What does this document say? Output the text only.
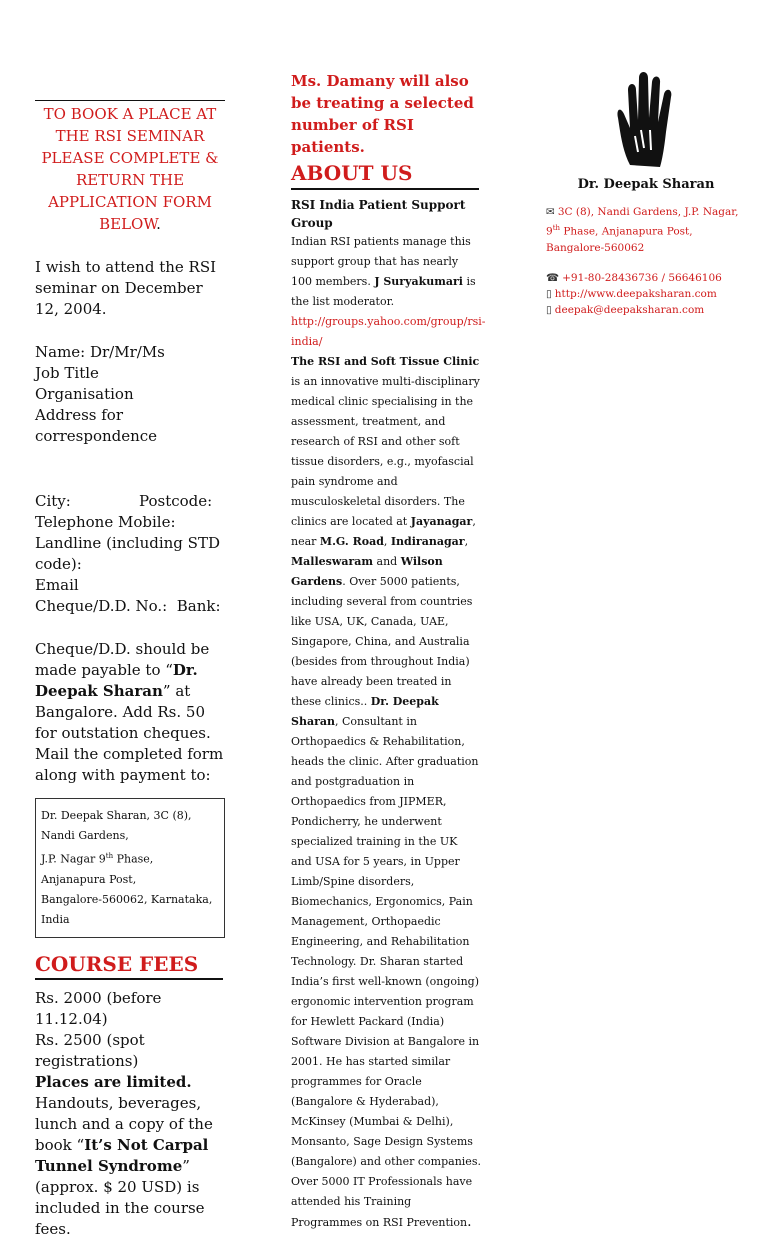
TO BOOK A PLACE AT THE RSI SEMINAR PLEASE COMPLETE & RETURN THE APPLICATION FORM BELOW.

I wish to attend the RSI seminar on December 12, 2004.

Name: Dr/Mr/Ms
Job Title
Organisation
Address for correspondence
City:	Postcode:
Telephone Mobile:
Landline (including STD code):
Email
Cheque/D.D. No.: Bank:

Cheque/D.D. should be made payable to “Dr. Deepak Sharan” at Bangalore. Add Rs. 50 for outstation cheques.

Mail the completed form along with payment to:

Dr. Deepak Sharan, 3C (8), Nandi Gardens,
J.P. Nagar 9th Phase, Anjanapura Post,
Bangalore-560062, Karnataka, India
COURSE FEES
Rs. 2000 (before 11.12.04)
Rs. 2500 (spot registrations)
Places are limited.

Handouts, beverages, lunch and a copy of the book “It’s Not Carpal Tunnel Syndrome” (approx. $ 20 USD) is included in the course fees.

Ms. Damany will also be treating a selected number of RSI patients.
ABOUT US
RSI India Patient Support Group
Indian RSI patients manage this support group that has nearly 100 members. J Suryakumari is the list moderator.
http://groups.yahoo.com/group/rsi-india/
The RSI and Soft Tissue Clinic is an innovative multi-disciplinary medical clinic specialising in the assessment, treatment, and research of RSI and other soft tissue disorders, e.g., myofascial pain syndrome and musculoskeletal disorders. The clinics are located at Jayanagar, near M.G. Road, Indiranagar, Malleswaram and Wilson Gardens. Over 5000 patients, including several from countries like USA, UK, Canada, UAE, Singapore, China, and Australia (besides from throughout India) have already been treated in these clinics.. Dr. Deepak Sharan, Consultant in Orthopaedics & Rehabilitation, heads the clinic. After graduation and postgraduation in Orthopaedics from JIPMER, Pondicherry, he underwent specialized training in the UK and USA for 5 years, in Upper Limb/Spine disorders, Biomechanics, Ergonomics, Pain Management, Orthopaedic Engineering, and Rehabilitation Technology. Dr. Sharan started India’s first well-known (ongoing) ergonomic intervention program for Hewlett Packard (India) Software Division at Bangalore in 2001. He has started similar programmes for Oracle (Bangalore & Hyderabad), McKinsey (Mumbai & Delhi), Monsanto, Sage Design Systems (Bangalore) and other companies. Over 5000 IT Professionals have attended his Training Programmes on RSI Prevention.
Dr. Deepak Sharan
✉ 3C (8), Nandi Gardens, J.P. Nagar, 9th Phase, Anjanapura Post, Bangalore-560062
☎ +91-80-28436736 / 56646106
▯ http://www.deepaksharan.com
▯ deepak@deepaksharan.com
